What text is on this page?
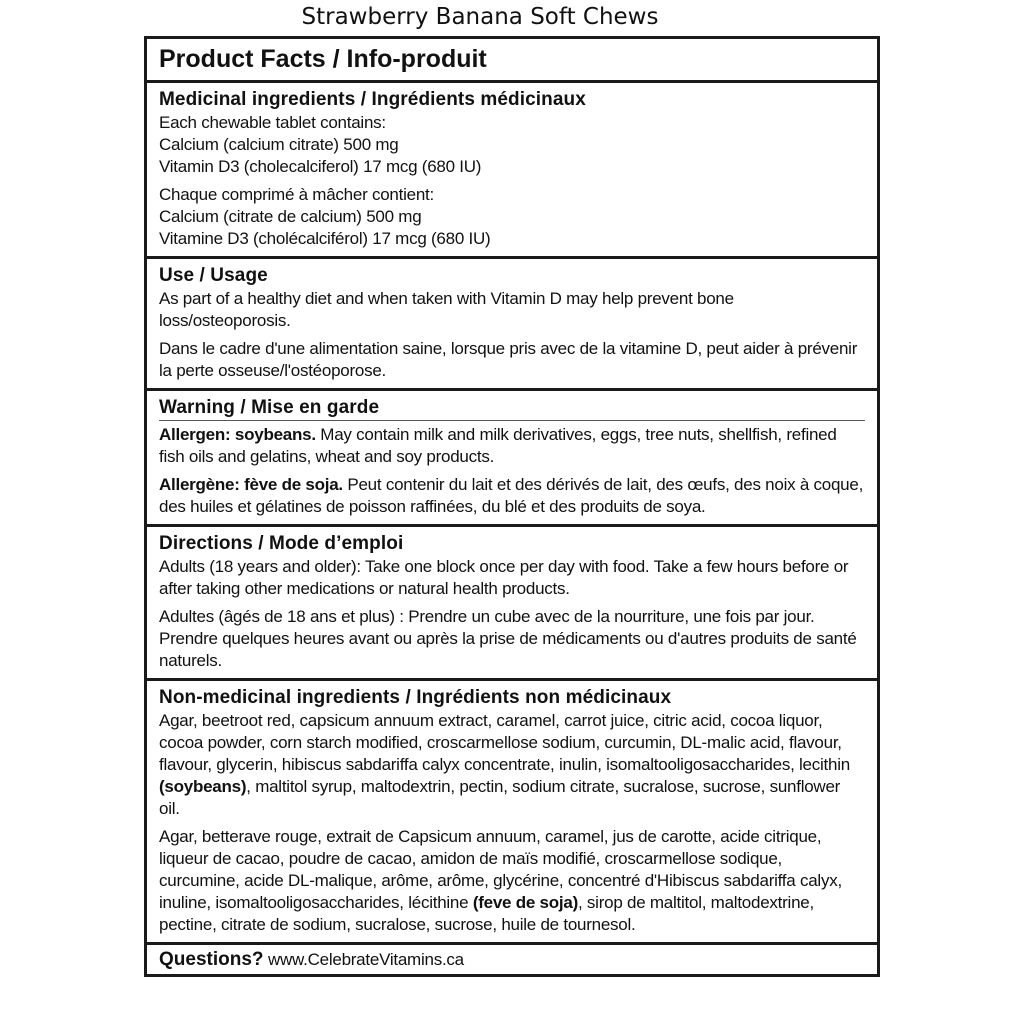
Strawberry Banana Soft Chews
Product Facts / Info-produit
Medicinal ingredients / Ingrédients médicinaux

Each chewable tablet contains:
Calcium (calcium citrate) 500 mg
Vitamin D3 (cholecalciferol) 17 mcg (680 IU)

Chaque comprimé à mâcher contient:
Calcium (citrate de calcium) 500 mg
Vitamine D3 (cholécalciférol) 17 mcg (680 IU)

Use / Usage

As part of a healthy diet and when taken with Vitamin D may help prevent bone loss/osteoporosis.

Dans le cadre d'une alimentation saine, lorsque pris avec de la vitamine D, peut aider à prévenir la perte osseuse/l'ostéoporose.

Warning / Mise en garde

Allergen: soybeans. May contain milk and milk derivatives, eggs, tree nuts, shellfish, refined fish oils and gelatins, wheat and soy products.

Allergène: fève de soja. Peut contenir du lait et des dérivés de lait, des œufs, des noix à coque, des huiles et gélatines de poisson raffinées, du blé et des produits de soya.

Directions / Mode d’emploi

Adults (18 years and older): Take one block once per day with food. Take a few hours before or after taking other medications or natural health products.

Adultes (âgés de 18 ans et plus) : Prendre un cube avec de la nourriture, une fois par jour. Prendre quelques heures avant ou après la prise de médicaments ou d'autres produits de santé naturels.

Non-medicinal ingredients / Ingrédients non médicinaux

Agar, beetroot red, capsicum annuum extract, caramel, carrot juice, citric acid, cocoa liquor, cocoa powder, corn starch modified, croscarmellose sodium, curcumin, DL-malic acid, flavour, flavour, glycerin, hibiscus sabdariffa calyx concentrate, inulin, isomaltooligosaccharides, lecithin (soybeans), maltitol syrup, maltodextrin, pectin, sodium citrate, sucralose, sucrose, sunflower oil.

Agar, betterave rouge, extrait de Capsicum annuum, caramel, jus de carotte, acide citrique, liqueur de cacao, poudre de cacao, amidon de maïs modifié, croscarmellose sodique, curcumine, acide DL-malique, arôme, arôme, glycérine, concentré d'Hibiscus sabdariffa calyx, inuline, isomaltooligosaccharides, lécithine (feve de soja), sirop de maltitol, maltodextrine, pectine, citrate de sodium, sucralose, sucrose, huile de tournesol.

Questions? www.CelebrateVitamins.ca
